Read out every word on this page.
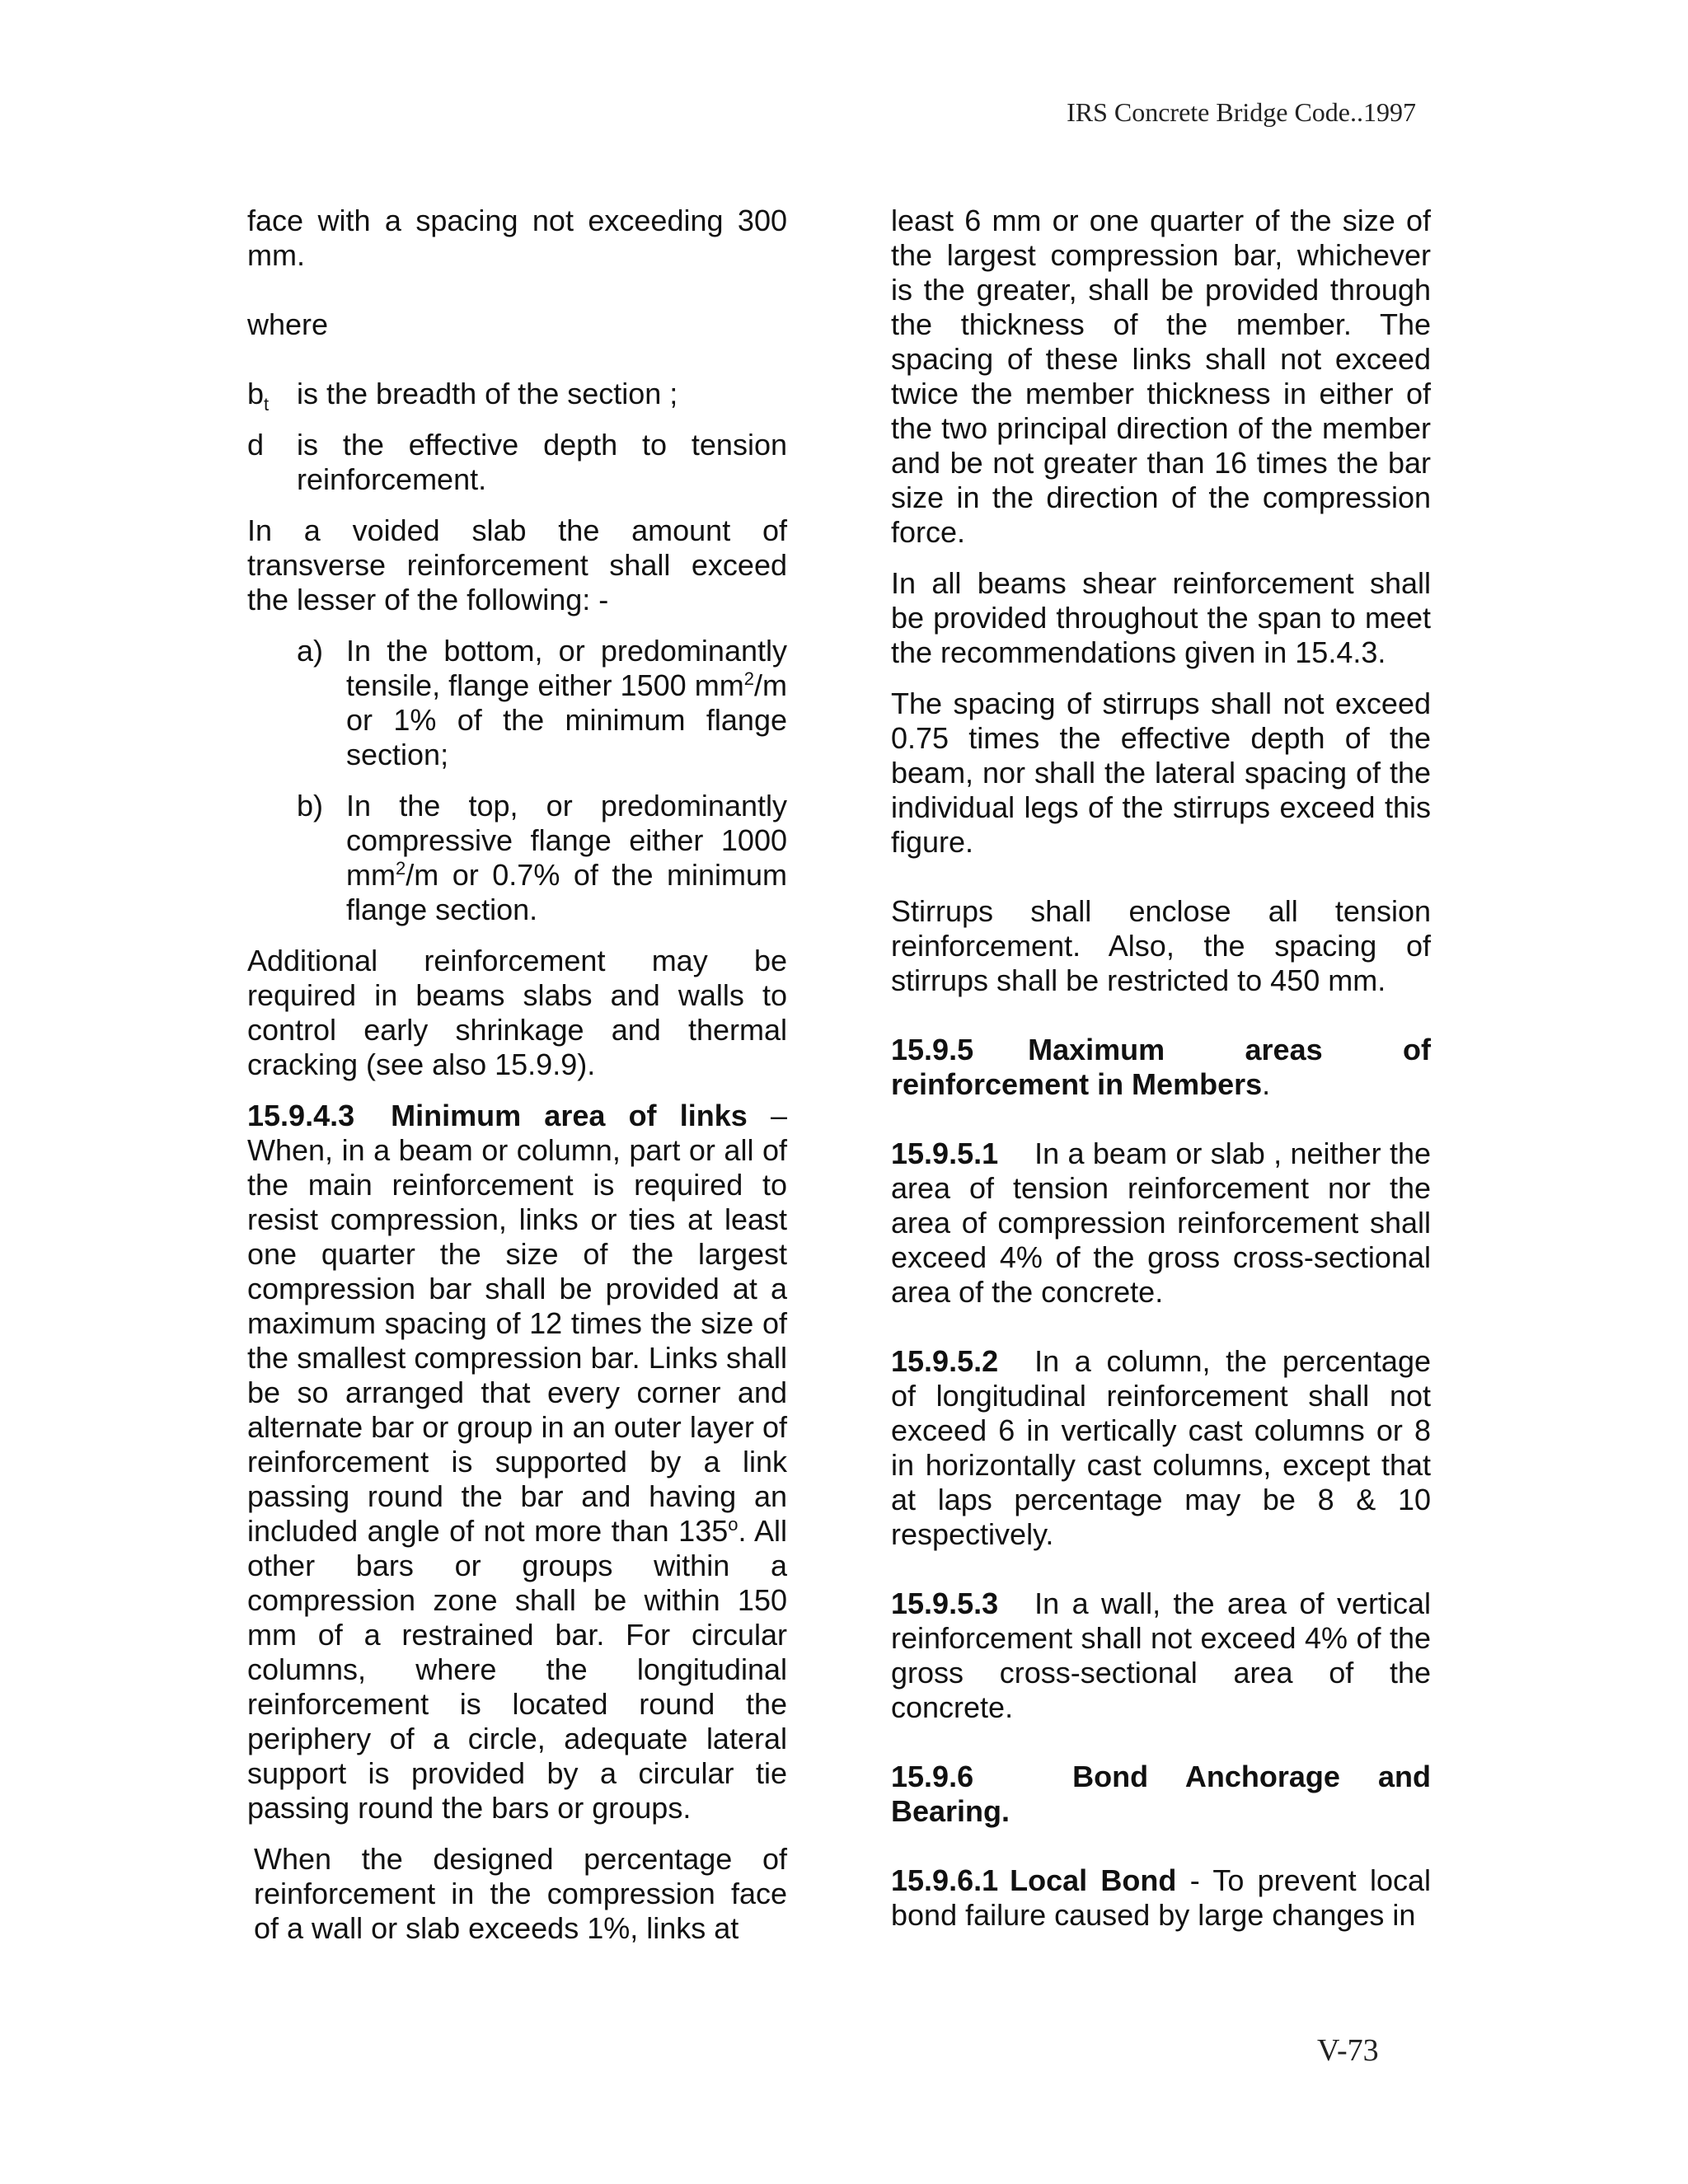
IRS Concrete Bridge Code..1997

face with a spacing not exceeding 300 mm.

where

$b_t$ is the breadth of the section ;
d	is the effective depth to tension reinforcement.

In a voided slab the amount of transverse reinforcement shall exceed the lesser of the following: -

a) In the bottom, or predominantly tensile, flange either 1500 $mm^2/m$ or 1% of the minimum flange section;
b) In the top, or predominantly compressive flange either 1000 $mm^2/m$ or 0.7% of the minimum flange section.

Additional reinforcement may be required in beams slabs and walls to control early shrinkage and thermal cracking (see also 15.9.9).

15.9.4.3 Minimum area of links – When, in a beam or column, part or all of the main reinforcement is required to resist compression, links or ties at least one quarter the size of the largest compression bar shall be provided at a maximum spacing of 12 times the size of the smallest compression bar. Links shall be so arranged that every corner and alternate bar or group in an outer layer of reinforcement is supported by a link passing round the bar and having an included angle of not more than 135$^o$. All other bars or groups within a compression zone shall be within 150 mm of a restrained bar. For circular columns, where the longitudinal reinforcement is located round the periphery of a circle, adequate lateral support is provided by a circular tie passing round the bars or groups.

When the designed percentage of reinforcement in the compression face of a wall or slab exceeds 1%, links at

least 6 mm or one quarter of the size of the largest compression bar, whichever is the greater, shall be provided through the thickness of the member. The spacing of these links shall not exceed twice the member thickness in either of the two principal direction of the member and be not greater than 16 times the bar size in the direction of the compression force.

In all beams shear reinforcement shall be provided throughout the span to meet the recommendations given in 15.4.3.

The spacing of stirrups shall not exceed 0.75 times the effective depth of the beam, nor shall the lateral spacing of the individual legs of the stirrups exceed this figure.

Stirrups shall enclose all tension reinforcement. Also, the spacing of stirrups shall be restricted to 450 mm.

15.9.5 Maximum areas of reinforcement in Members.

15.9.5.1 In a beam or slab , neither the area of tension reinforcement nor the area of compression reinforcement shall exceed 4% of the gross cross-sectional area of the concrete.

15.9.5.2 In a column, the percentage of longitudinal reinforcement shall not exceed 6 in vertically cast columns or 8 in horizontally cast columns, except that at laps percentage may be 8 & 10 respectively.

15.9.5.3 In a wall, the area of vertical reinforcement shall not exceed 4% of the gross cross-sectional area of the concrete.

15.9.6	Bond Anchorage and Bearing.

15.9.6.1 Local Bond - To prevent local bond failure caused by large changes in

V-73
